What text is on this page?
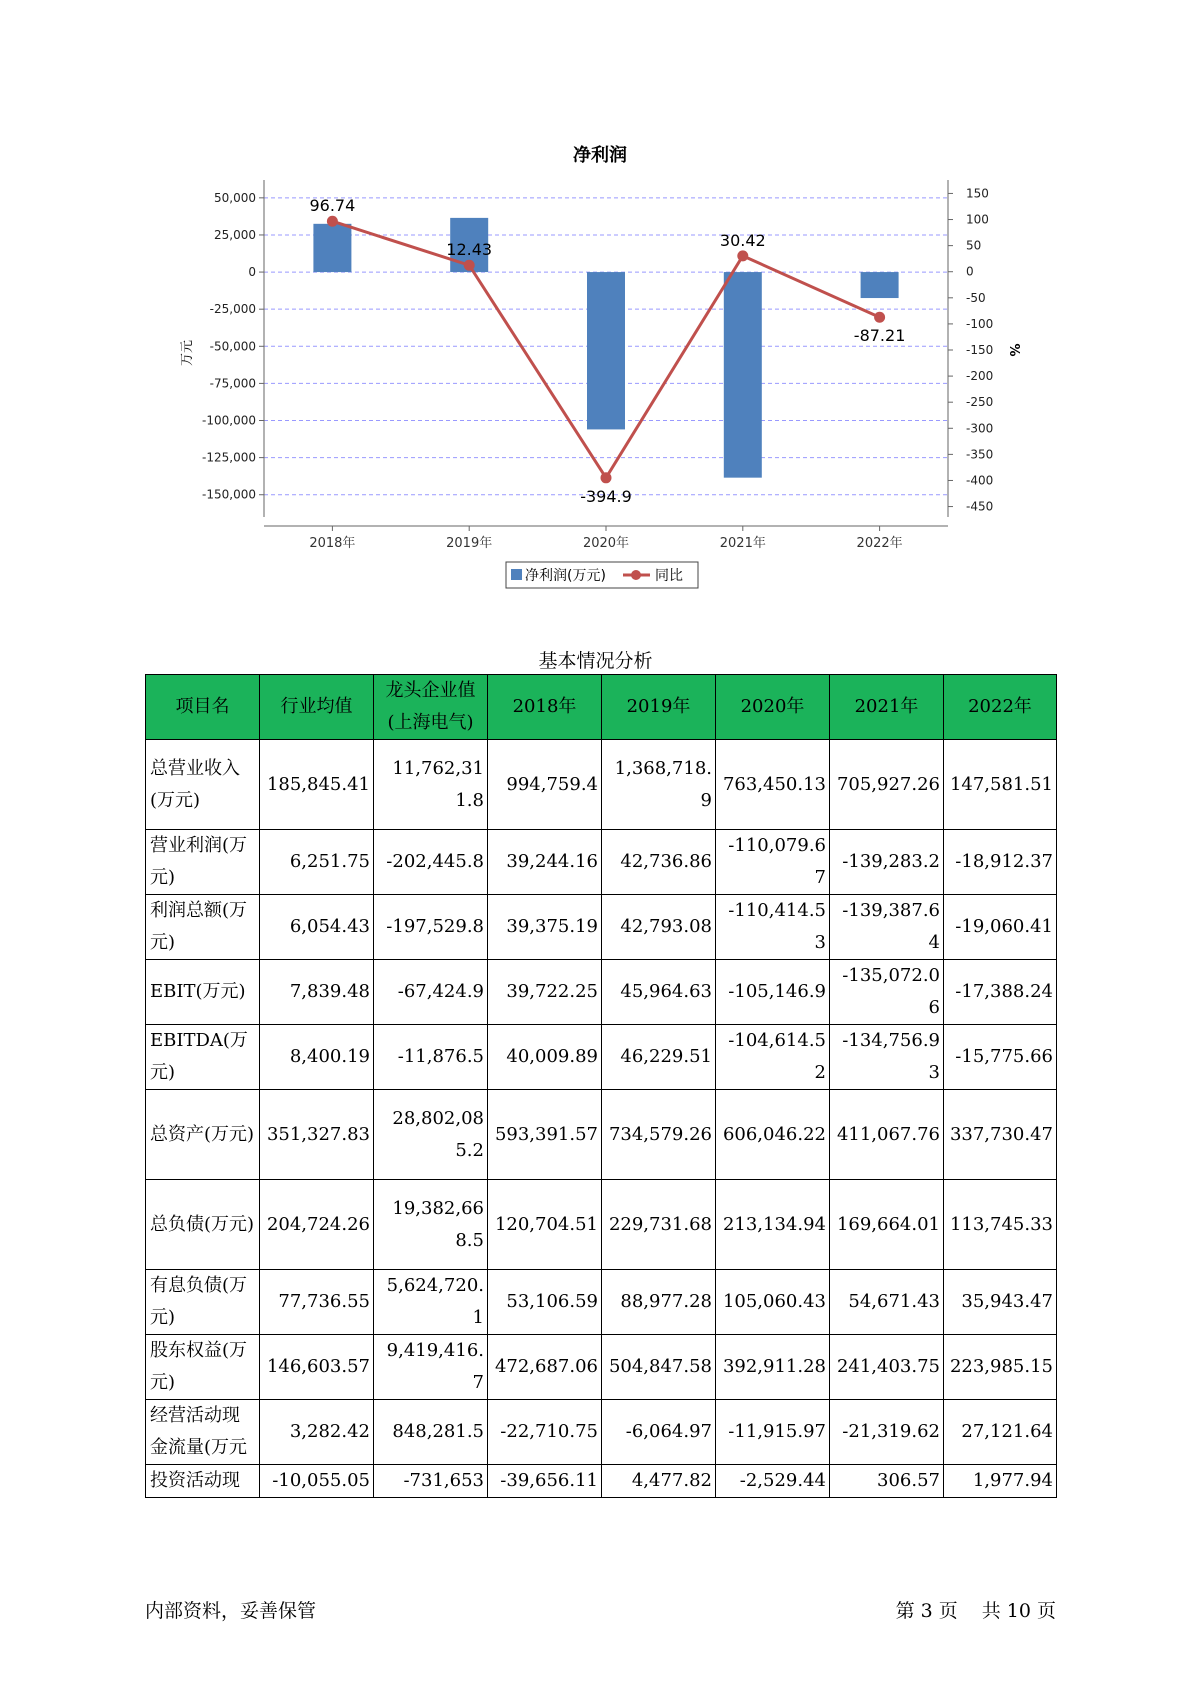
净利润
96.74
12.43
-394.9
30.42
-87.21
50,000
25,000
0
-25,000
-50,000
-75,000
-100,000
-125,000
-150,000
150
100
50
0
-50
-100
-150
-200
-250
-300
-350
-400
-450
2018年	2019年	2020年	2021年	2022年
万元	%
净利润(万元)	同比
基本情况分析
项目名	行业均值	龙头企业值(上海电气)	2018年	2019年	2020年	2021年	2022年
总营业收入(万元)	185,845.41	11,762,311.8	994,759.4	1,368,718.9	763,450.13	705,927.26	147,581.51
营业利润(万元)	6,251.75	-202,445.8	39,244.16	42,736.86	-110,079.67	-139,283.2	-18,912.37
利润总额(万元)	6,054.43	-197,529.8	39,375.19	42,793.08	-110,414.53	-139,387.64	-19,060.41
EBIT(万元)	7,839.48	-67,424.9	39,722.25	45,964.63	-105,146.9	-135,072.06	-17,388.24
EBITDA(万元)	8,400.19	-11,876.5	40,009.89	46,229.51	-104,614.52	-134,756.93	-15,775.66
总资产(万元)	351,327.83	28,802,085.2	593,391.57	734,579.26	606,046.22	411,067.76	337,730.47
总负债(万元)	204,724.26	19,382,668.5	120,704.51	229,731.68	213,134.94	169,664.01	113,745.33
有息负债(万元)	77,736.55	5,624,720.1	53,106.59	88,977.28	105,060.43	54,671.43	35,943.47
股东权益(万元)	146,603.57	9,419,416.7	472,687.06	504,847.58	392,911.28	241,403.75	223,985.15
经营活动现金流量(万元	3,282.42	848,281.5	-22,710.75	-6,064.97	-11,915.97	-21,319.62	27,121.64
投资活动现	-10,055.05	-731,653	-39,656.11	4,477.82	-2,529.44	306.57	1,977.94
内部资料，妥善保管	第 3 页 共 10 页
